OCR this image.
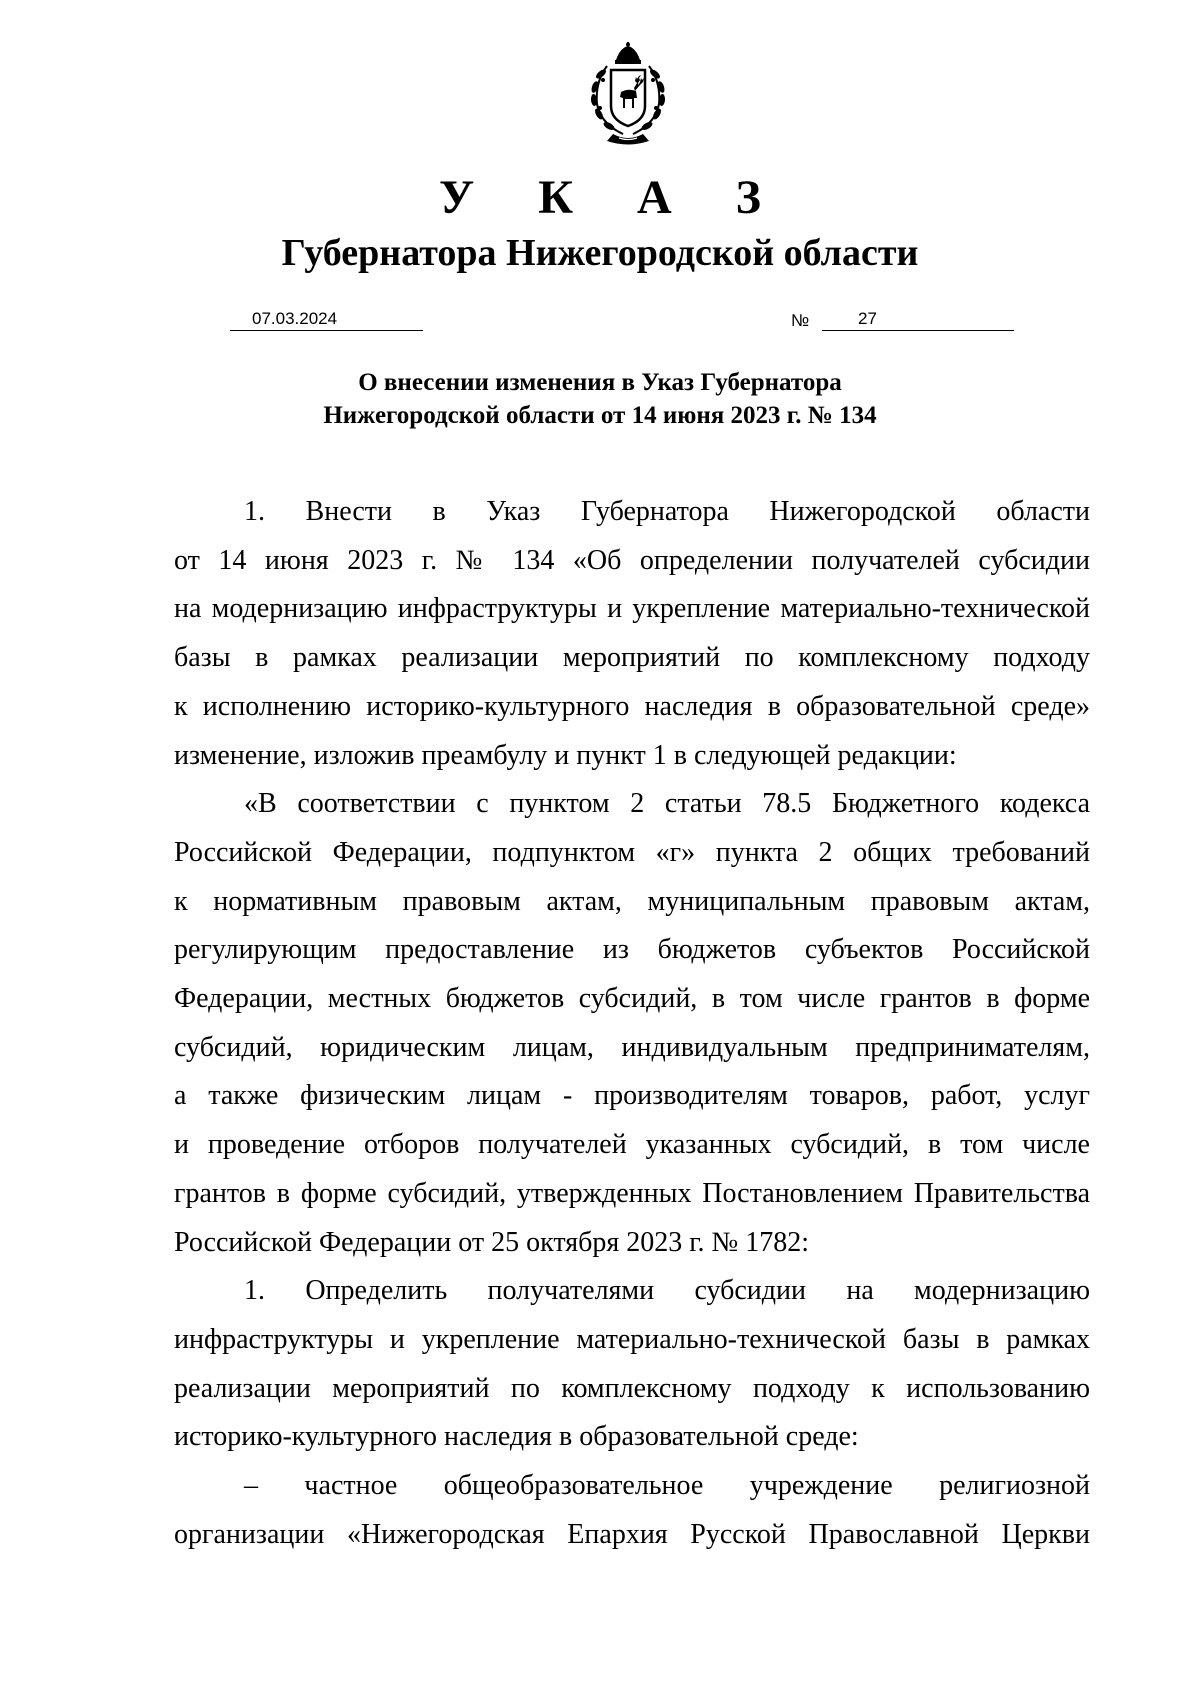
У К А З
Губернатора Нижегородской области
07.03.2024	№	27
О внесении изменения в Указ Губернатора
Нижегородской области от 14 июня 2023 г. № 134

1. Внести в Указ Губернатора Нижегородской области
от 14 июня 2023 г. № 134 «Об определении получателей субсидии
на модернизацию инфраструктуры и укрепление материально-технической
базы в рамках реализации мероприятий по комплексному подходу
к исполнению историко-культурного наследия в образовательной среде»
изменение, изложив преамбулу и пункт 1 в следующей редакции:

«В соответствии с пунктом 2 статьи 78.5 Бюджетного кодекса
Российской Федерации, подпунктом «г» пункта 2 общих требований
к нормативным правовым актам, муниципальным правовым актам,
регулирующим предоставление из бюджетов субъектов Российской
Федерации, местных бюджетов субсидий, в том числе грантов в форме
субсидий, юридическим лицам, индивидуальным предпринимателям,
а также физическим лицам - производителям товаров, работ, услуг
и проведение отборов получателей указанных субсидий, в том числе
грантов в форме субсидий, утвержденных Постановлением Правительства
Российской Федерации от 25 октября 2023 г. № 1782:

1. Определить получателями субсидии на модернизацию
инфраструктуры и укрепление материально-технической базы в рамках
реализации мероприятий по комплексному подходу к использованию
историко-культурного наследия в образовательной среде:

– частное общеобразовательное учреждение религиозной
организации «Нижегородская Епархия Русской Православной Церкви
